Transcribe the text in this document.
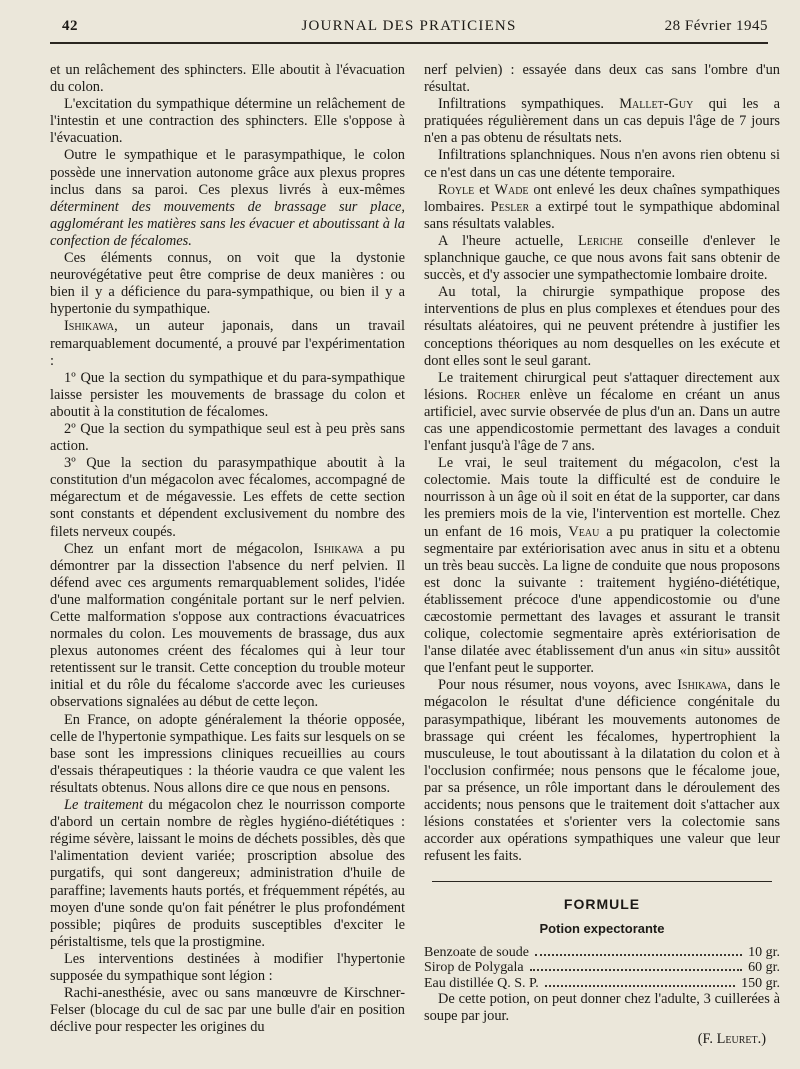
42	JOURNAL DES PRATICIENS	28 Février 1945

et un relâchement des sphincters. Elle aboutit à l'évacuation du colon.

L'excitation du sympathique détermine un relâchement de l'intestin et une contraction des sphincters. Elle s'oppose à l'évacuation.

Outre le sympathique et le parasympathique, le colon possède une innervation autonome grâce aux plexus propres inclus dans sa paroi. Ces plexus livrés à eux-mêmes déterminent des mouvements de brassage sur place, agglomérant les matières sans les évacuer et aboutissant à la confection de fécalomes.

Ces éléments connus, on voit que la dystonie neurovégétative peut être comprise de deux manières : ou bien il y a déficience du para-sympathique, ou bien il y a hypertonie du sympathique.

Ishikawa, un auteur japonais, dans un travail remarquablement documenté, a prouvé par l'expérimentation :

1º Que la section du sympathique et du para-sympathique laisse persister les mouvements de brassage du colon et aboutit à la constitution de fécalomes.

2º Que la section du sympathique seul est à peu près sans action.

3º Que la section du parasympathique aboutit à la constitution d'un mégacolon avec fécalomes, accompagné de mégarectum et de mégavessie. Les effets de cette section sont constants et dépendent exclusivement du nombre des filets nerveux coupés.

Chez un enfant mort de mégacolon, Ishikawa a pu démontrer par la dissection l'absence du nerf pelvien. Il défend avec ces arguments remarquablement solides, l'idée d'une malformation congénitale portant sur le nerf pelvien. Cette malformation s'oppose aux contractions évacuatrices normales du colon. Les mouvements de brassage, dus aux plexus autonomes créent des fécalomes qui à leur tour retentissent sur le transit. Cette conception du trouble moteur initial et du rôle du fécalome s'accorde avec les curieuses observations signalées au début de cette leçon.

En France, on adopte généralement la théorie opposée, celle de l'hypertonie sympathique. Les faits sur lesquels on se base sont les impressions cliniques recueillies au cours d'essais thérapeutiques : la théorie vaudra ce que valent les résultats obtenus. Nous allons dire ce que nous en pensons.

Le traitement du mégacolon chez le nourrisson comporte d'abord un certain nombre de règles hygiéno-diététiques : régime sévère, laissant le moins de déchets possibles, dès que l'alimentation devient variée; proscription absolue des purgatifs, qui sont dangereux; administration d'huile de paraffine; lavements hauts portés, et fréquemment répétés, au moyen d'une sonde qu'on fait pénétrer le plus profondément possible; piqûres de produits susceptibles d'exciter le péristaltisme, tels que la prostigmine.

Les interventions destinées à modifier l'hypertonie supposée du sympathique sont légion :

Rachi-anesthésie, avec ou sans manœuvre de Kirschner-Felser (blocage du cul de sac par une bulle d'air en position déclive pour respecter les origines du

nerf pelvien) : essayée dans deux cas sans l'ombre d'un résultat.

Infiltrations sympathiques. Mallet-Guy qui les a pratiquées régulièrement dans un cas depuis l'âge de 7 jours n'en a pas obtenu de résultats nets.

Infiltrations splanchniques. Nous n'en avons rien obtenu si ce n'est dans un cas une détente temporaire.

Royle et Wade ont enlevé les deux chaînes sympathiques lombaires. Pesler a extirpé tout le sympathique abdominal sans résultats valables.

A l'heure actuelle, Leriche conseille d'enlever le splanchnique gauche, ce que nous avons fait sans obtenir de succès, et d'y associer une sympathectomie lombaire droite.

Au total, la chirurgie sympathique propose des interventions de plus en plus complexes et étendues pour des résultats aléatoires, qui ne peuvent prétendre à justifier les conceptions théoriques au nom desquelles on les exécute et dont elles sont le seul garant.

Le traitement chirurgical peut s'attaquer directement aux lésions. Rocher enlève un fécalome en créant un anus artificiel, avec survie observée de plus d'un an. Dans un autre cas une appendicostomie permettant des lavages a conduit l'enfant jusqu'à l'âge de 7 ans.

Le vrai, le seul traitement du mégacolon, c'est la colectomie. Mais toute la difficulté est de conduire le nourrisson à un âge où il soit en état de la supporter, car dans les premiers mois de la vie, l'intervention est mortelle. Chez un enfant de 16 mois, Veau a pu pratiquer la colectomie segmentaire par extériorisation avec anus in situ et a obtenu un très beau succès. La ligne de conduite que nous proposons est donc la suivante : traitement hygiéno-diététique, établissement précoce d'une appendicostomie ou d'une cæcostomie permettant des lavages et assurant le transit colique, colectomie segmentaire après extériorisation de l'anse dilatée avec établissement d'un anus «in situ» aussitôt que l'enfant peut le supporter.

Pour nous résumer, nous voyons, avec Ishikawa, dans le mégacolon le résultat d'une déficience congénitale du parasympathique, libérant les mouvements autonomes de brassage qui créent les fécalomes, hypertrophient la musculeuse, le tout aboutissant à la dilatation du colon et à l'occlusion confirmée; nous pensons que le fécalome joue, par sa présence, un rôle important dans le déroulement des accidents; nous pensons que le traitement doit s'attacher aux lésions constatées et s'orienter vers la colectomie sans accorder aux opérations sympathiques une valeur que leur refusent les faits.

FORMULE
Potion expectorante
Benzoate de soude	10 gr.
Sirop de Polygala	60 gr.
Eau distillée Q. S. P.	150 gr.

De cette potion, on peut donner chez l'adulte, 3 cuillerées à soupe par jour.

(F. Leuret.)
